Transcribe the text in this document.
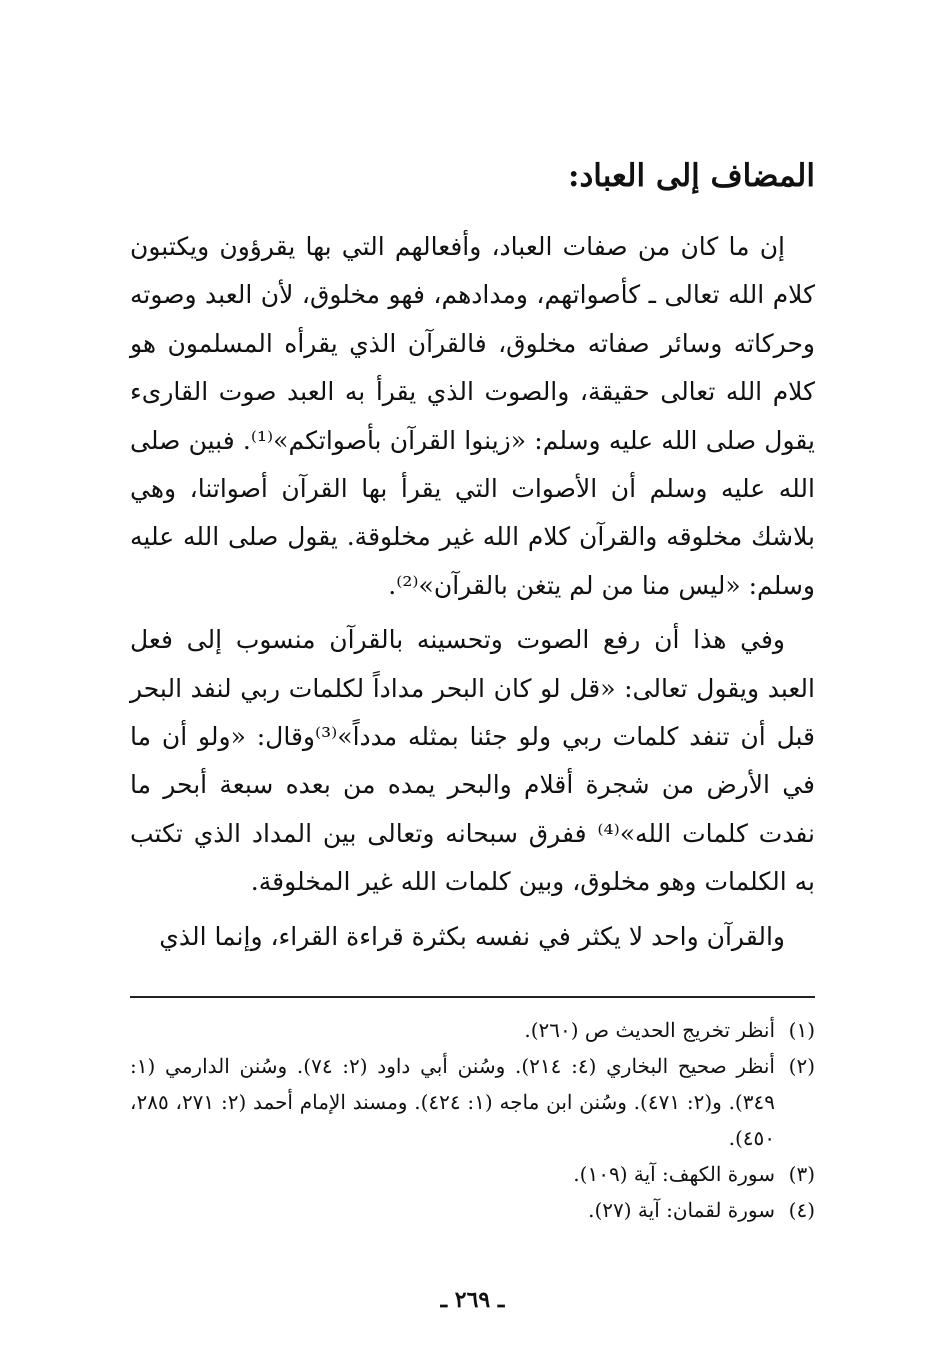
المضاف إلى العباد:

إن ما كان من صفات العباد، وأفعالهم التي بها يقرؤون ويكتبون كلام الله تعالى ـ كأصواتهم، ومدادهم، فهو مخلوق، لأن العبد وصوته وحركاته وسائر صفاته مخلوق، فالقرآن الذي يقرأه المسلمون هو كلام الله تعالى حقيقة، والصوت الذي يقرأ به العبد صوت القارىء يقول صلى الله عليه وسلم: «زينوا القرآن بأصواتكم»⁽¹⁾. فبين صلى الله عليه وسلم أن الأصوات التي يقرأ بها القرآن أصواتنا، وهي بلاشك مخلوقه والقرآن كلام الله غير مخلوقة. يقول صلى الله عليه وسلم: «ليس منا من لم يتغن بالقرآن»⁽²⁾.

وفي هذا أن رفع الصوت وتحسينه بالقرآن منسوب إلى فعل العبد ويقول تعالى: «قل لو كان البحر مداداً لكلمات ربي لنفد البحر قبل أن تنفد كلمات ربي ولو جئنا بمثله مدداً»⁽³⁾وقال: «ولو أن ما في الأرض من شجرة أقلام والبحر يمده من بعده سبعة أبحر ما نفدت كلمات الله»⁽⁴⁾ ففرق سبحانه وتعالى بين المداد الذي تكتب به الكلمات وهو مخلوق، وبين كلمات الله غير المخلوقة.

والقرآن واحد لا يكثر في نفسه بكثرة قراءة القراء، وإنما الذي

(١)
أنظر تخريج الحديث ص (٢٦٠).
(٢)
أنظر صحيح البخاري (٤: ٢١٤). وسُنن أبي داود (٢: ٧٤). وسُنن الدارمي (١: ٣٤٩). و(٢: ٤٧١). وسُنن ابن ماجه (١: ٤٢٤). ومسند الإمام أحمد (٢: ٢٧١، ٢٨٥، ٤٥٠).
(٣)
سورة الكهف: آية (١٠٩).
(٤)
سورة لقمان: آية (٢٧).
ـ ٢٦٩ ـ
